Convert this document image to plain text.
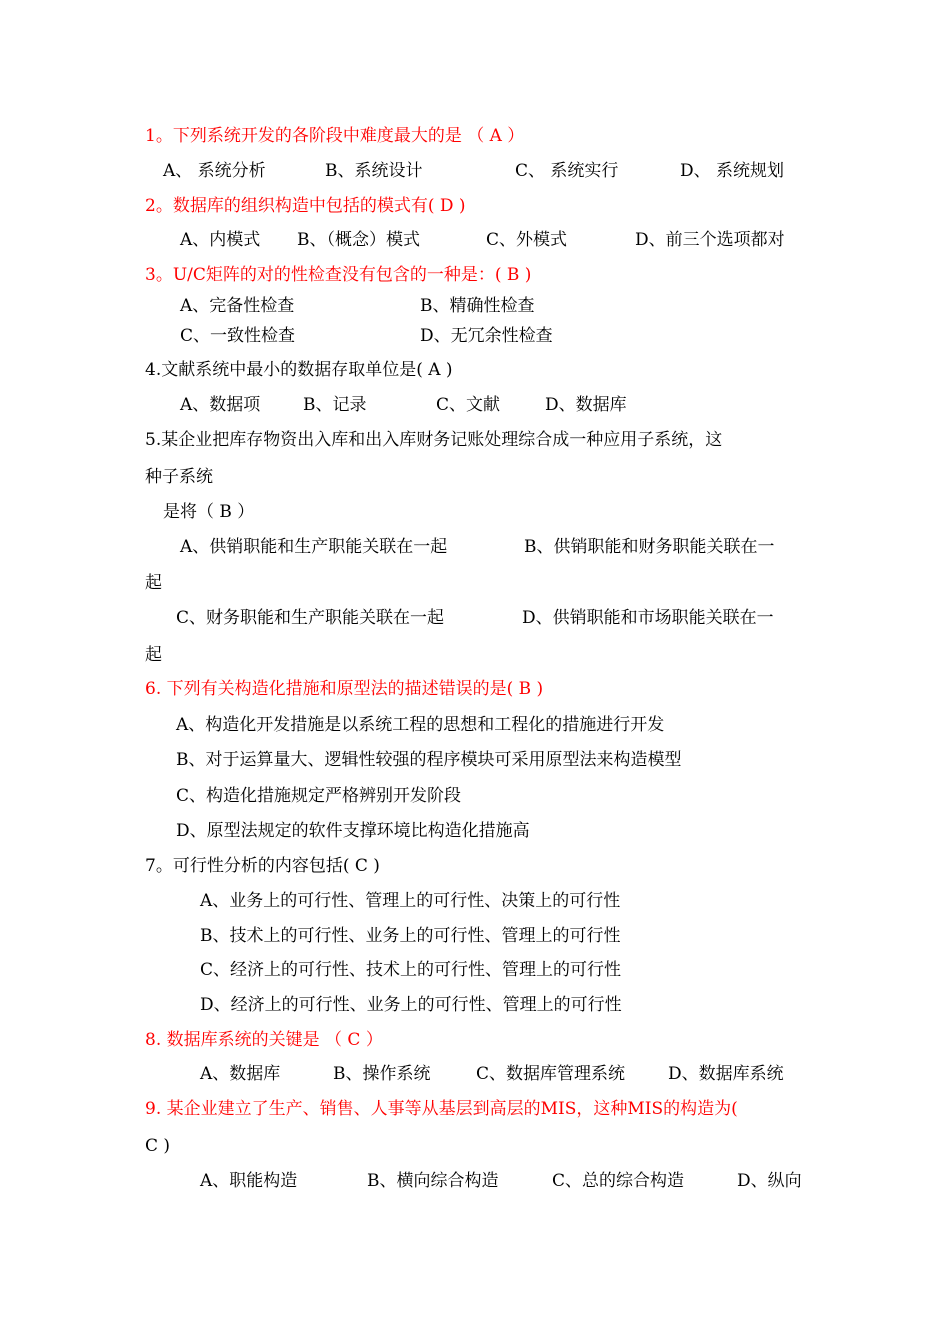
1。下列系统开发的各阶段中难度最大的是 （ A ）

A、 系统分析	B、系统设计	C、 系统实行	D、 系统规划

2。数据库的组织构造中包括的模式有( D )

A、内模式 B、（概念）模式	C、外模式	D、前三个选项都对

3。U/C矩阵的对的性检查没有包含的一种是：( B )

A、完备性检查	B、精确性检查
C、一致性检查	D、无冗余性检查

4.文献系统中最小的数据存取单位是( A )

A、数据项	B、记录	C、文献	D、数据库

5.某企业把库存物资出入库和出入库财务记账处理综合成一种应用子系统，这

种子系统

是将（ B ）

A、供销职能和生产职能关联在一起	B、供销职能和财务职能关联在一

起

C、财务职能和生产职能关联在一起	D、供销职能和市场职能关联在一

起

6. 下列有关构造化措施和原型法的描述错误的是( B )

A、构造化开发措施是以系统工程的思想和工程化的措施进行开发

B、对于运算量大、逻辑性较强的程序模块可采用原型法来构造模型

C、构造化措施规定严格辨别开发阶段

D、原型法规定的软件支撑环境比构造化措施高

7。可行性分析的内容包括( C )

A、业务上的可行性、管理上的可行性、决策上的可行性

B、技术上的可行性、业务上的可行性、管理上的可行性

C、经济上的可行性、技术上的可行性、管理上的可行性

D、经济上的可行性、业务上的可行性、管理上的可行性

8. 数据库系统的关键是 （ C ）

A、数据库	B、操作系统	C、数据库管理系统	D、数据库系统

9. 某企业建立了生产、销售、人事等从基层到高层的MIS，这种MIS的构造为(

C )

A、职能构造	B、横向综合构造	C、总的综合构造	D、纵向
